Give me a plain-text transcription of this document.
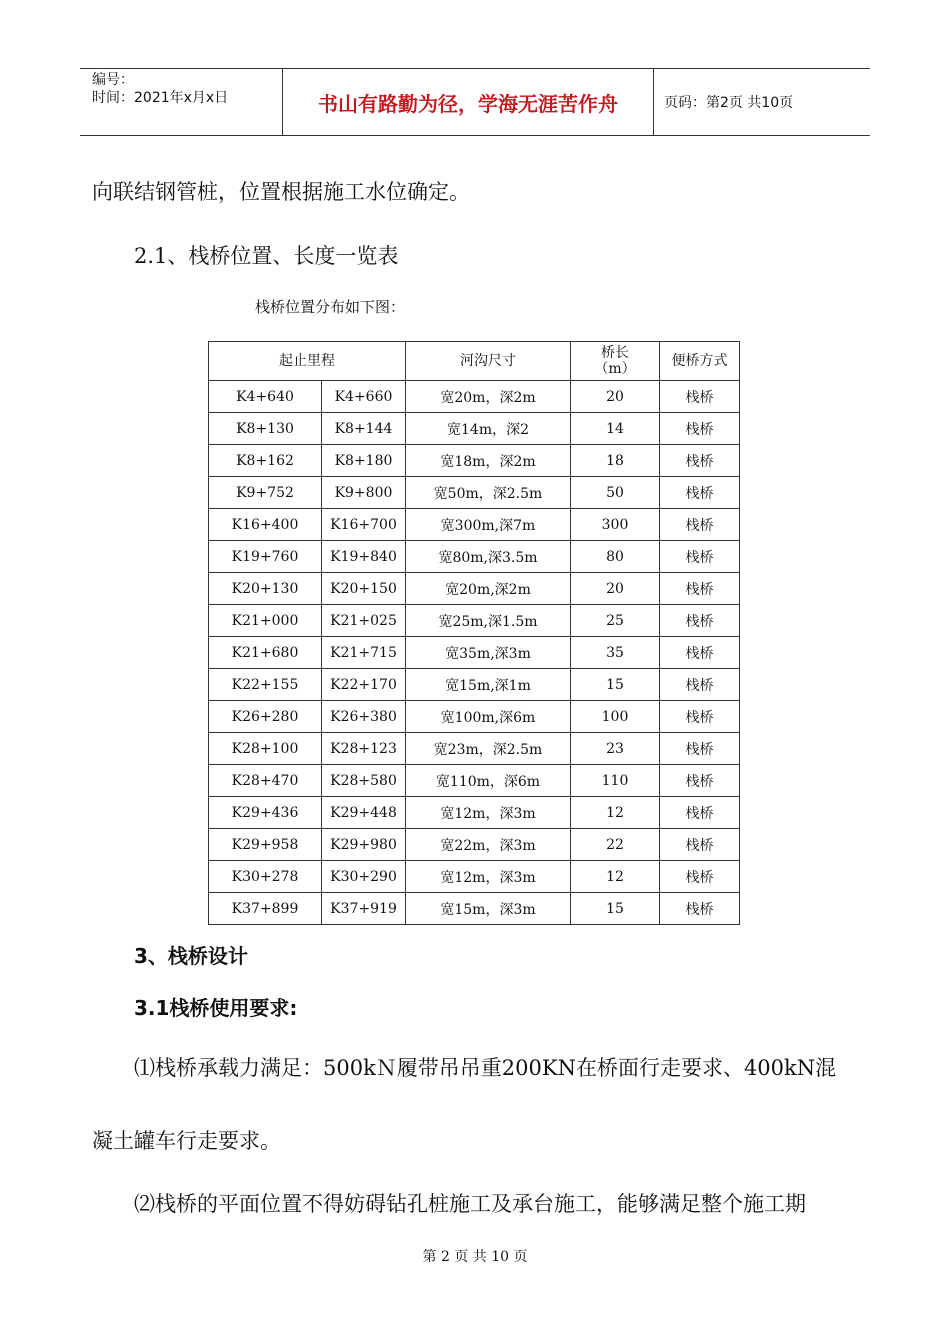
编号：
时间：2021年x月x日	书山有路勤为径，学海无涯苦作舟	页码：第2页 共10页
向联结钢管桩，位置根据施工水位确定。
2.1、栈桥位置、长度一览表
栈桥位置分布如下图：
起止里程		河沟尺寸	桥长（m）	便桥方式
K4+640	K4+660	宽20m，深2m	20	栈桥
K8+130	K8+144	宽14m，深2	14	栈桥
K8+162	K8+180	宽18m，深2m	18	栈桥
K9+752	K9+800	宽50m，深2.5m	50	栈桥
K16+400	K16+700	宽300m,深7m	300	栈桥
K19+760	K19+840	宽80m,深3.5m	80	栈桥
K20+130	K20+150	宽20m,深2m	20	栈桥
K21+000	K21+025	宽25m,深1.5m	25	栈桥
K21+680	K21+715	宽35m,深3m	35	栈桥
K22+155	K22+170	宽15m,深1m	15	栈桥
K26+280	K26+380	宽100m,深6m	100	栈桥
K28+100	K28+123	宽23m，深2.5m	23	栈桥
K28+470	K28+580	宽110m，深6m	110	栈桥
K29+436	K29+448	宽12m，深3m	12	栈桥
K29+958	K29+980	宽22m，深3m	22	栈桥
K30+278	K30+290	宽12m，深3m	12	栈桥
K37+899	K37+919	宽15m，深3m	15	栈桥
3、栈桥设计
3.1栈桥使用要求:
⑴栈桥承载力满足：500kＮ履带吊吊重200KN在桥面行走要求、400kN混
凝土罐车行走要求。
⑵栈桥的平面位置不得妨碍钻孔桩施工及承台施工，能够满足整个施工期
第 2 页 共 10 页
